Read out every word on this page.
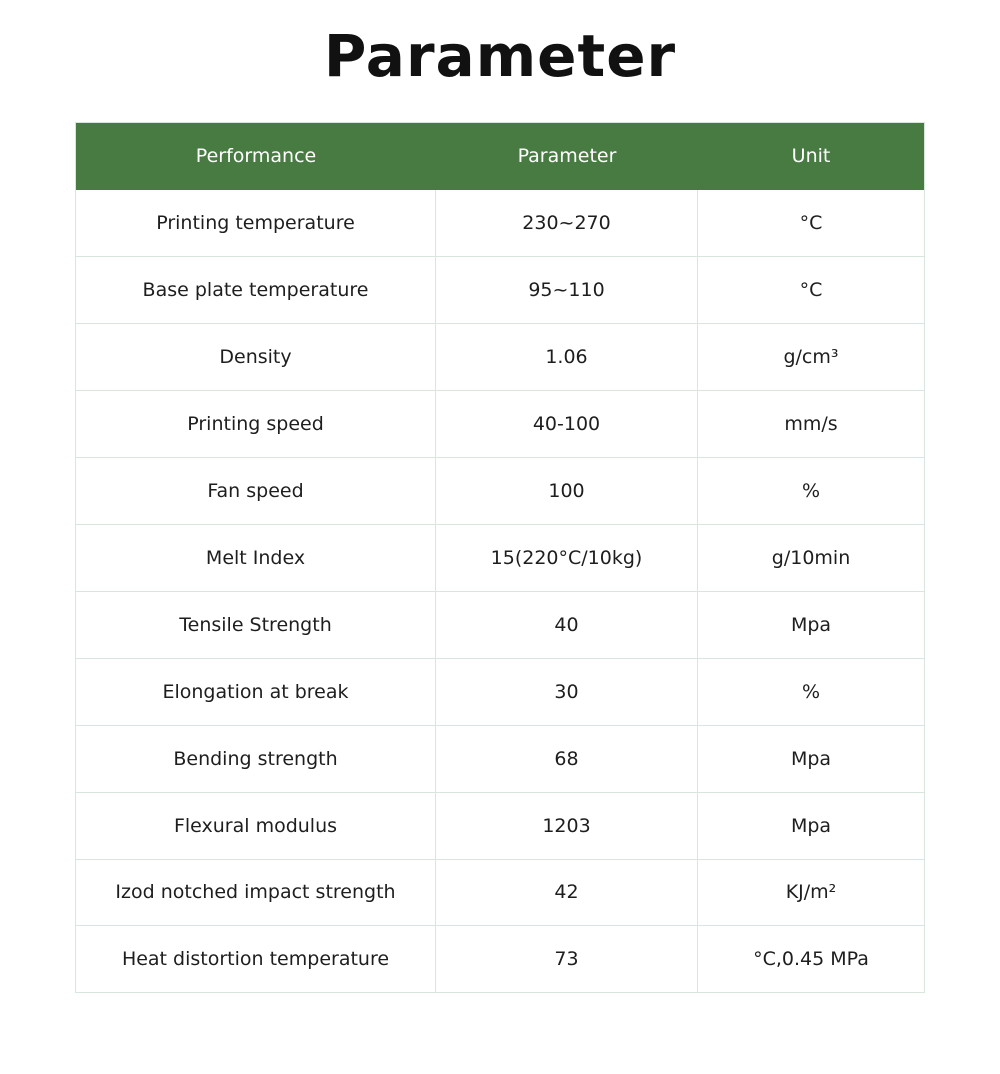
Parameter
Performance	Parameter	Unit
Printing temperature	230~270	°C
Base plate temperature	95~110	°C
Density	1.06	g/cm³
Printing speed	40-100	mm/s
Fan speed	100	%
Melt Index	15(220°C/10kg)	g/10min
Tensile Strength	40	Mpa
Elongation at break	30	%
Bending strength	68	Mpa
Flexural modulus	1203	Mpa
Izod notched impact strength	42	KJ/m²
Heat distortion temperature	73	°C,0.45 MPa
